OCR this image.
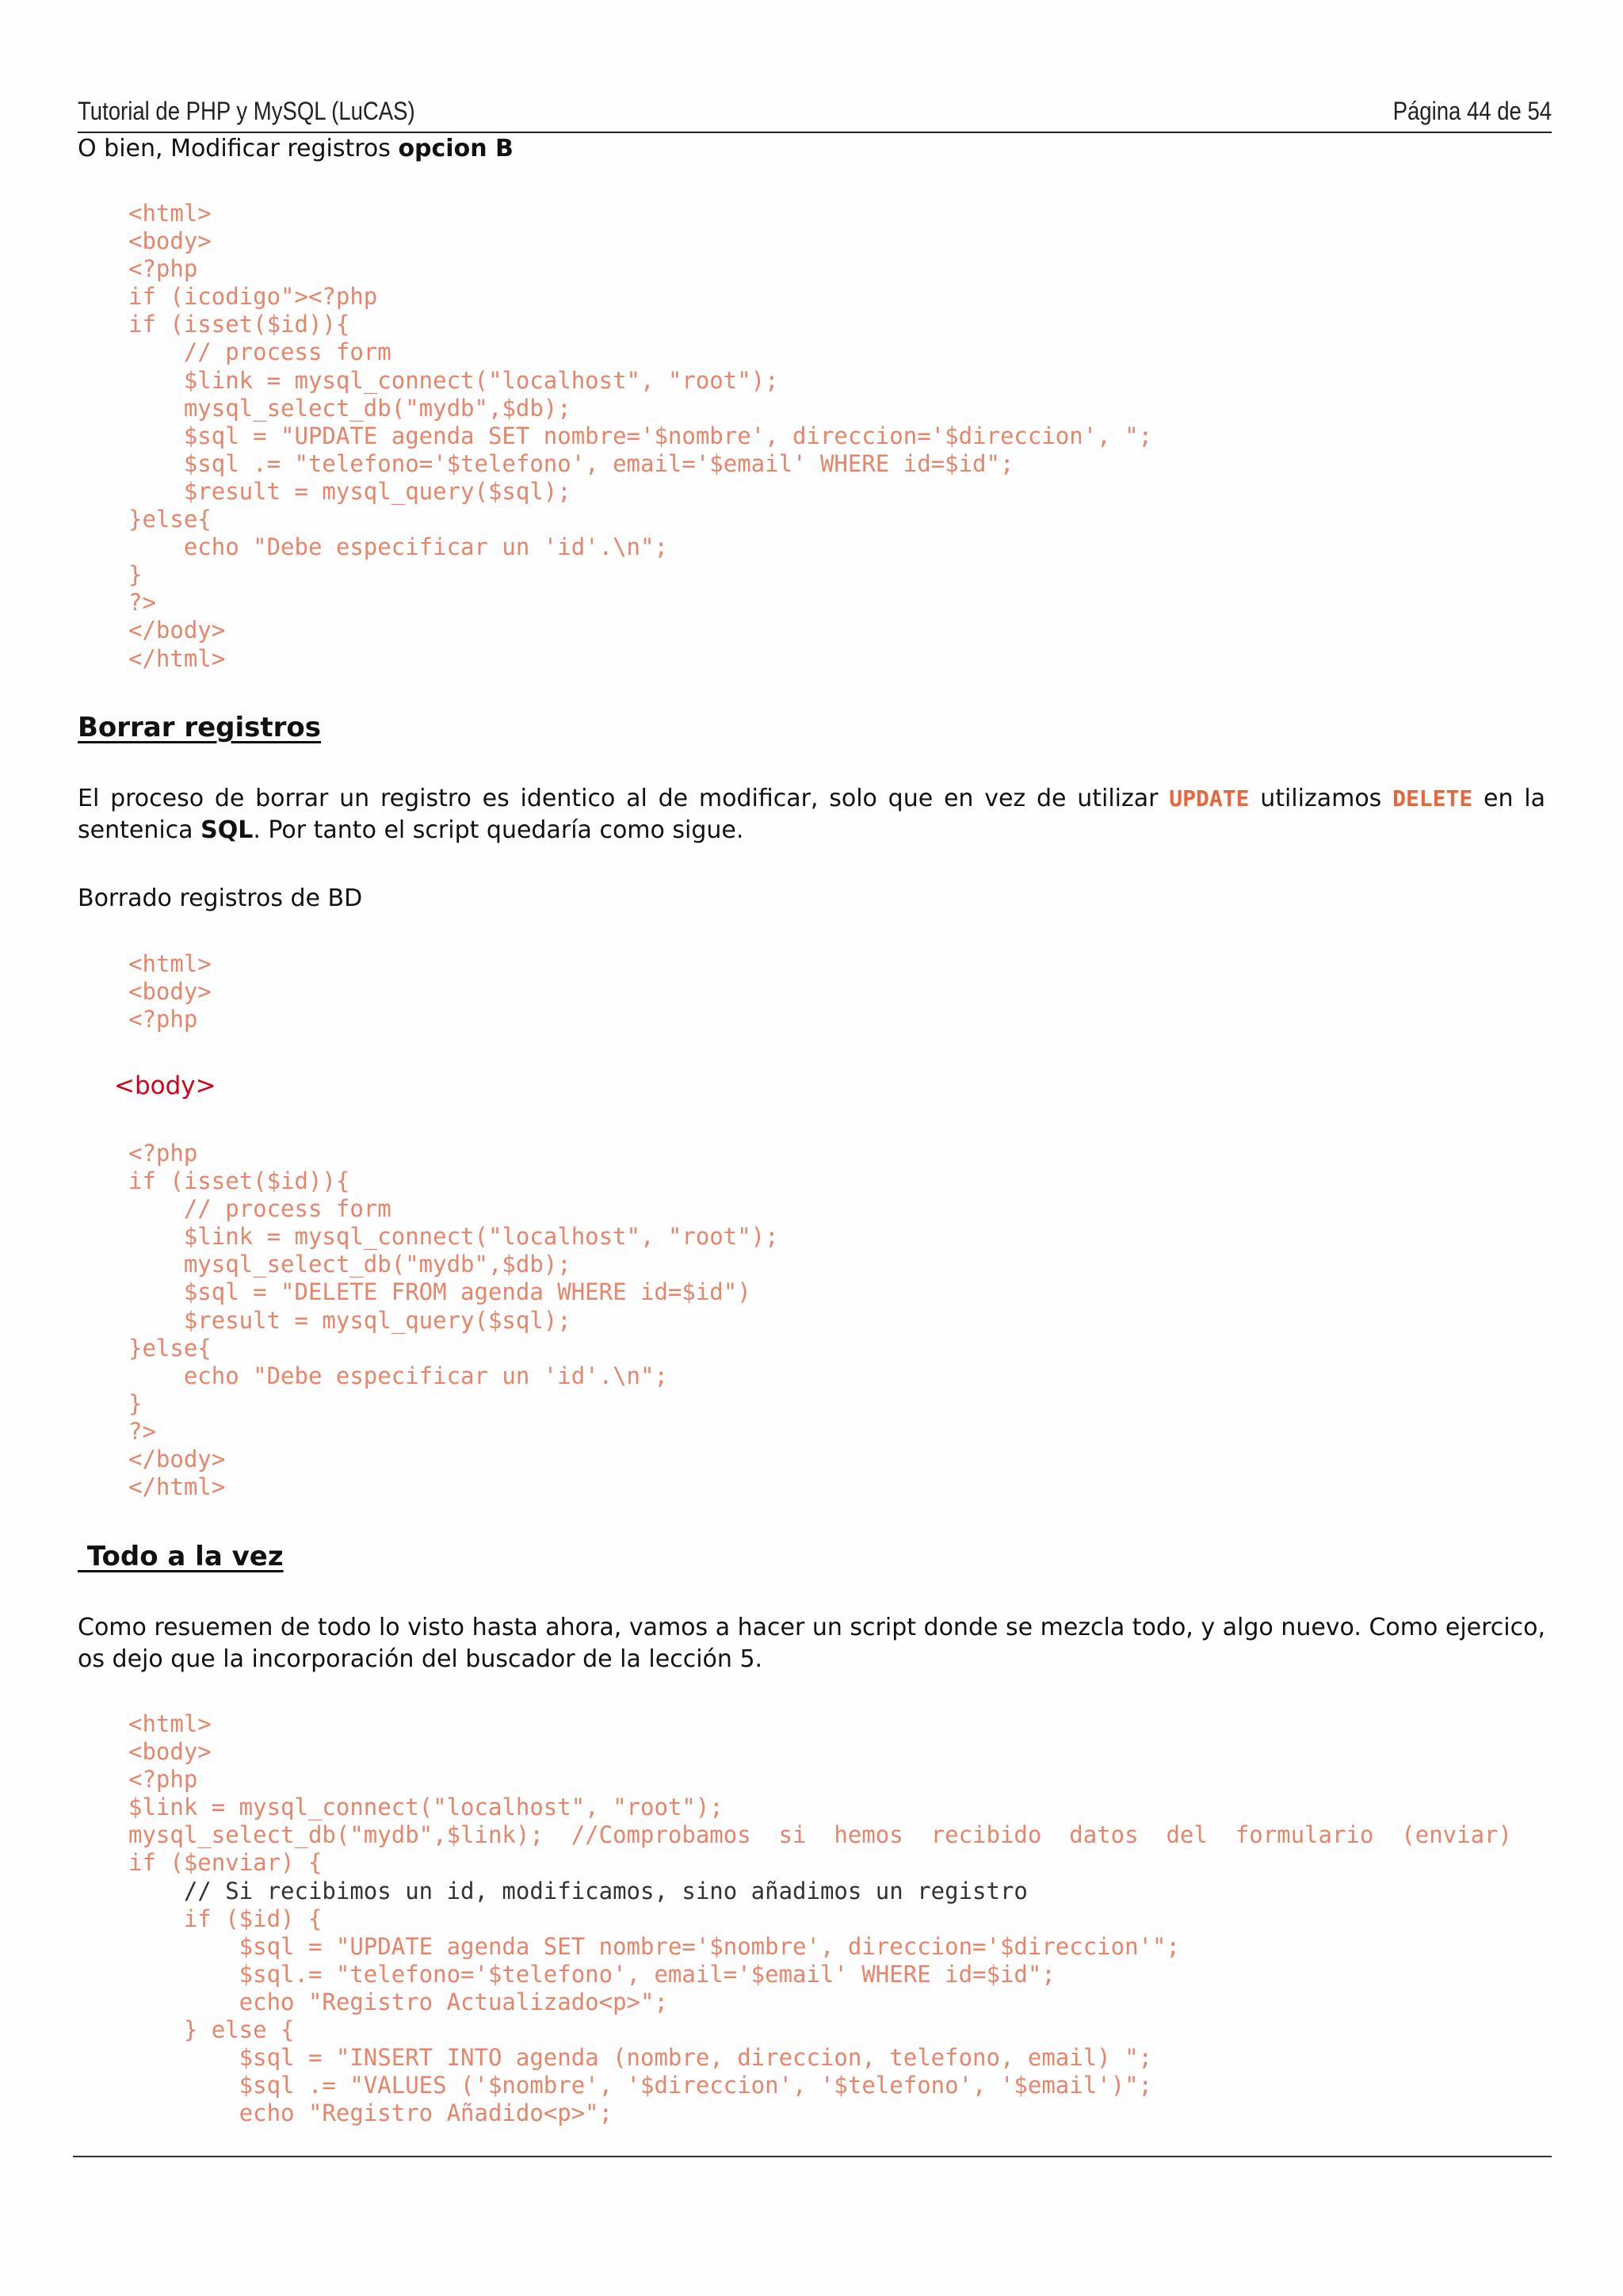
Tutorial de PHP y MySQL (LuCAS)	Página 44 de 54
O bien, Modificar registros opcion B
<html>
<body>
<?php
if (icodigo"><?php
if (isset($id)){
// process form
$link = mysql_connect("localhost", "root");
mysql_select_db("mydb",$db);
$sql = "UPDATE agenda SET nombre='$nombre', direccion='$direccion', ";
$sql .= "telefono='$telefono', email='$email' WHERE id=$id";
$result = mysql_query($sql);
}else{
echo "Debe especificar un 'id'.\n";
}
?>
</body>
</html>
Borrar registros
El proceso de borrar un registro es identico al de modificar, solo que en vez de utilizar UPDATE utilizamos DELETE en la sentenica SQL. Por tanto el script quedaría como sigue.
Borrado registros de BD
<html>
<body>
<?php
<body>
<?php
if (isset($id)){
// process form
$link = mysql_connect("localhost", "root");
mysql_select_db("mydb",$db);
$sql = "DELETE FROM agenda WHERE id=$id")
$result = mysql_query($sql);
}else{
echo "Debe especificar un 'id'.\n";
}
?>
</body>
</html>
Todo a la vez
Como resuemen de todo lo visto hasta ahora, vamos a hacer un script donde se mezcla todo, y algo nuevo. Como ejercico, os dejo que la incorporación del buscador de la lección 5.
<html>
<body>
<?php
$link = mysql_connect("localhost", "root");
mysql_select_db("mydb",$link);  //Comprobamos  si  hemos  recibido  datos  del  formulario  (enviar)
if ($enviar) {
// Si recibimos un id, modificamos, sino añadimos un registro
if ($id) {
$sql = "UPDATE agenda SET nombre='$nombre', direccion='$direccion'";
$sql.= "telefono='$telefono', email='$email' WHERE id=$id";
echo "Registro Actualizado<p>";
} else {
$sql = "INSERT INTO agenda (nombre, direccion, telefono, email) ";
$sql .= "VALUES ('$nombre', '$direccion', '$telefono', '$email')";
echo "Registro Añadido<p>";
